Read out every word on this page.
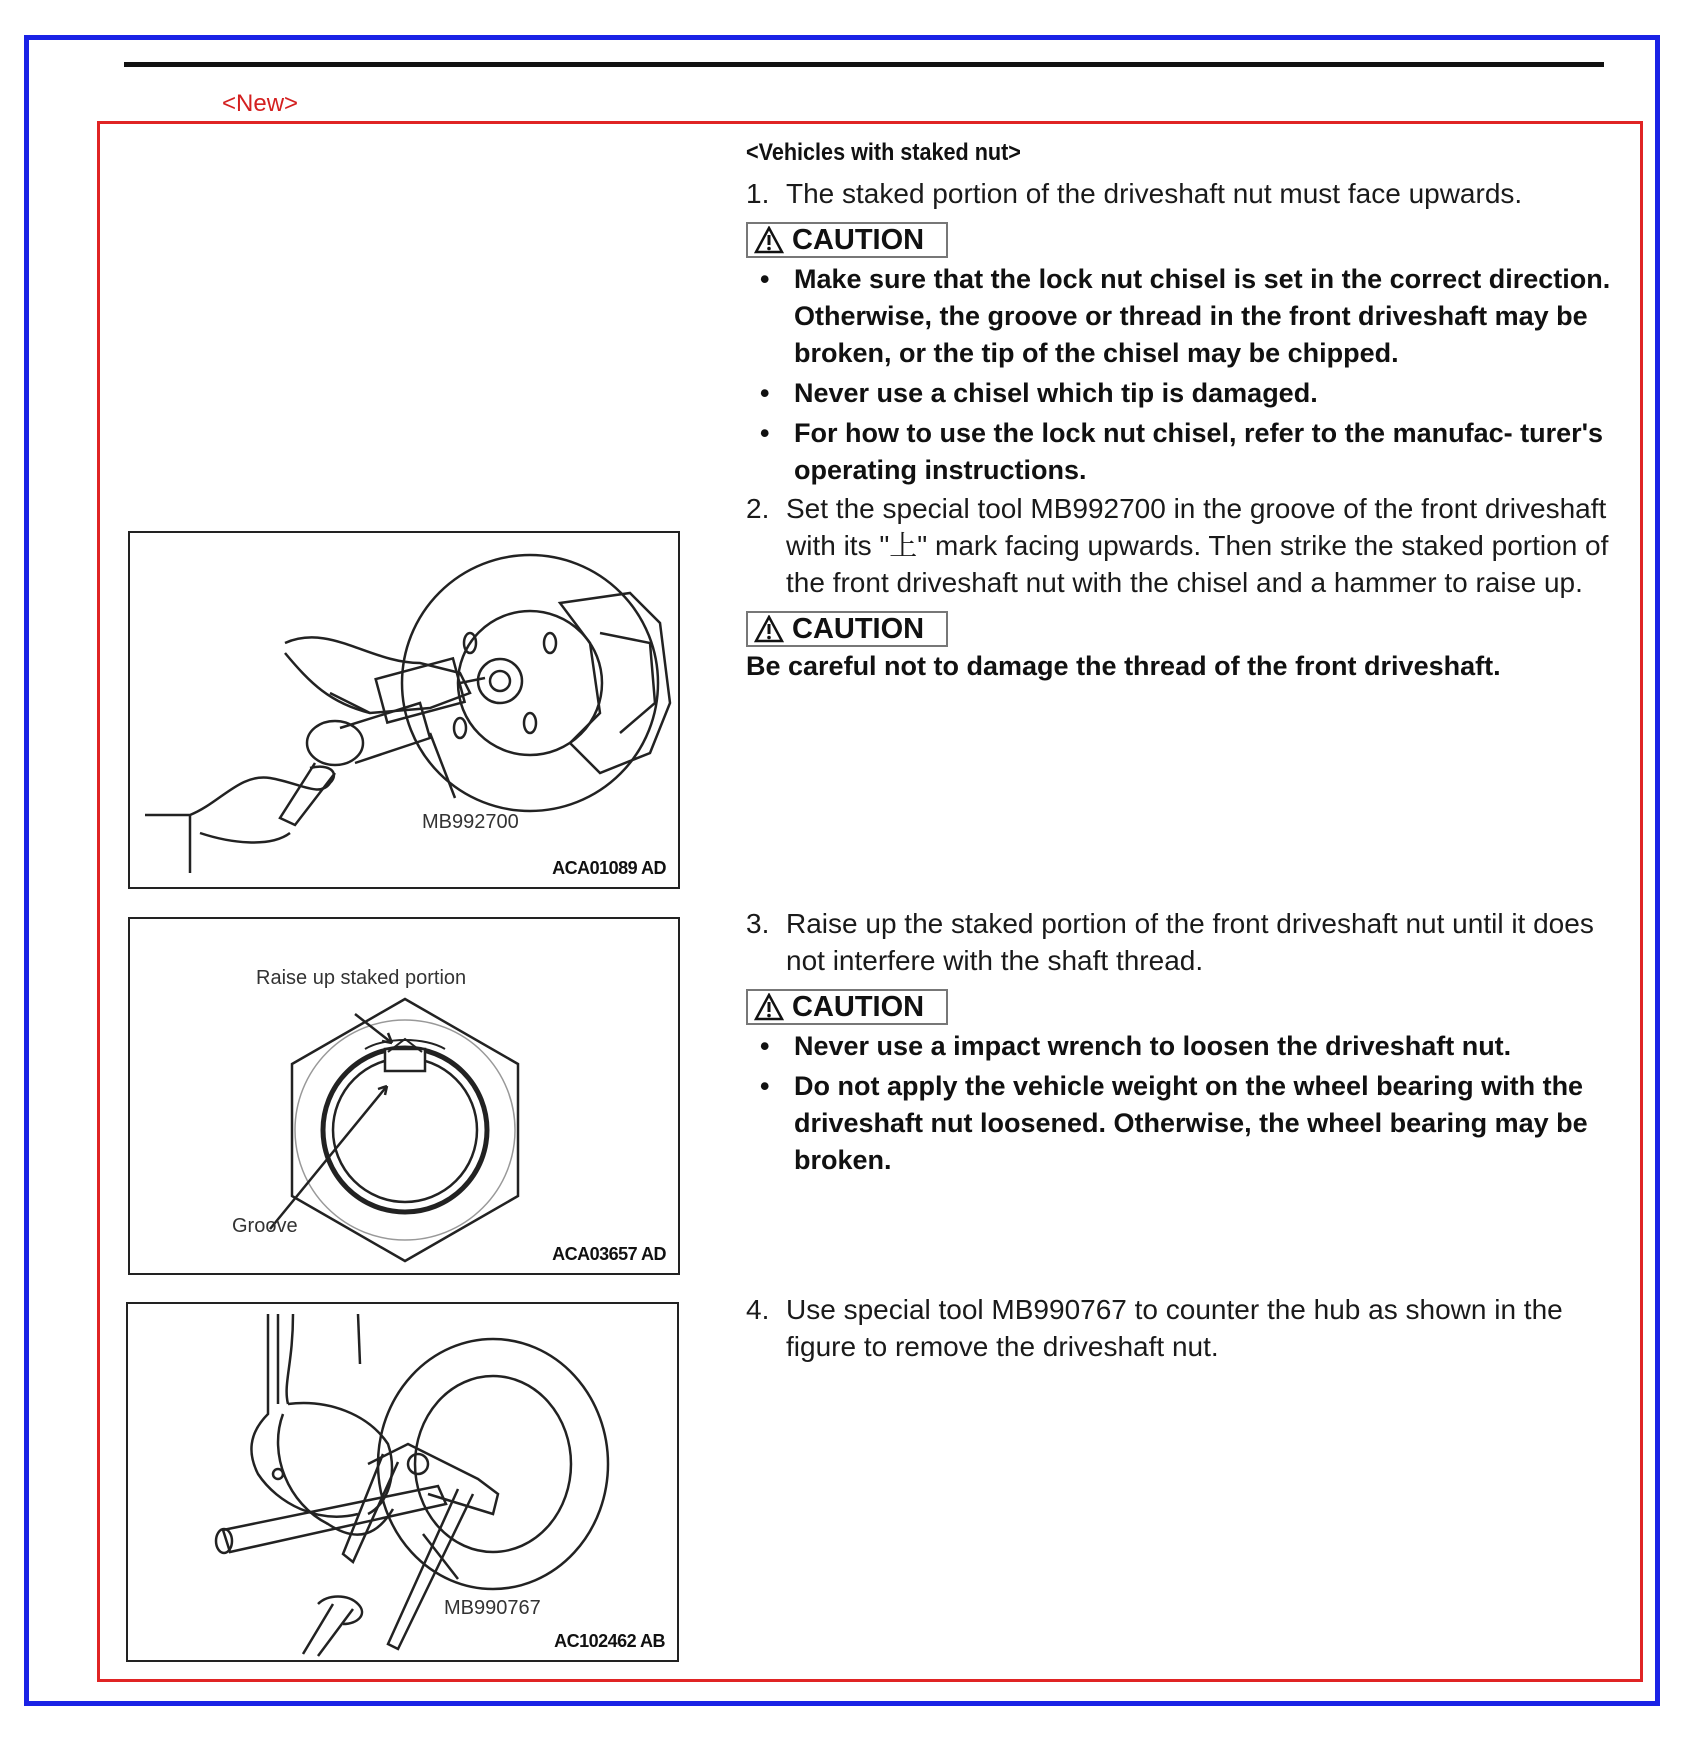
<New>
MB992700
ACA01089 AD
Raise up staked portion
Groove
ACA03657 AD
MB990767
AC102462 AB
<Vehicles with staked nut>
1. The staked portion of the driveshaft nut must face upwards.
CAUTION
• Make sure that the lock nut chisel is set in the correct direction. Otherwise, the groove or thread in the front driveshaft may be broken, or the tip of the chisel may be chipped.
• Never use a chisel which tip is damaged.
• For how to use the lock nut chisel, refer to the manufac- turer's operating instructions.
2. Set the special tool MB992700 in the groove of the front driveshaft with its "上" mark facing upwards. Then strike the staked portion of the front driveshaft nut with the chisel and a hammer to raise up.
CAUTION
Be careful not to damage the thread of the front driveshaft.
3. Raise up the staked portion of the front driveshaft nut until it does not interfere with the shaft thread.
CAUTION
• Never use a impact wrench to loosen the driveshaft nut.
• Do not apply the vehicle weight on the wheel bearing with the driveshaft nut loosened. Otherwise, the wheel bearing may be broken.
4. Use special tool MB990767 to counter the hub as shown in the figure to remove the driveshaft nut.
